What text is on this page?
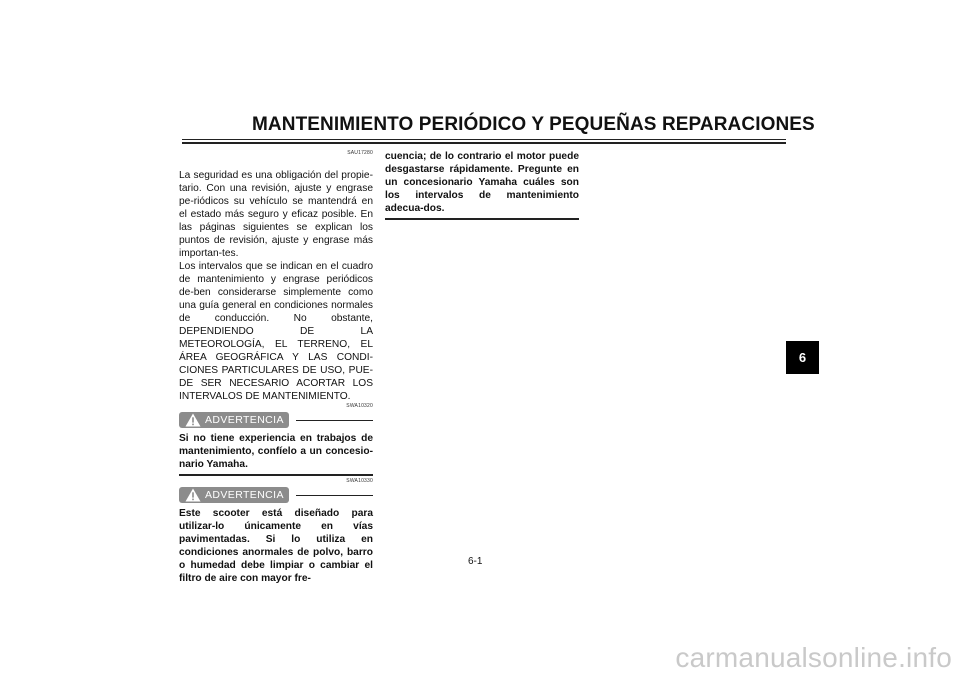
MANTENIMIENTO PERIÓDICO Y PEQUEÑAS REPARACIONES
SAU17280

La seguridad es una obligación del propie-tario. Con una revisión, ajuste y engrase pe-riódicos su vehículo se mantendrá en el estado más seguro y eficaz posible. En las páginas siguientes se explican los puntos de revisión, ajuste y engrase más importan-tes.

Los intervalos que se indican en el cuadro de mantenimiento y engrase periódicos de-ben considerarse simplemente como una guía general en condiciones normales de conducción. No obstante, DEPENDIENDO DE LA METEOROLOGÍA, EL TERRENO, EL ÁREA GEOGRÁFICA Y LAS CONDI-CIONES PARTICULARES DE USO, PUE-DE SER NECESARIO ACORTAR LOS INTERVALOS DE MANTENIMIENTO.

SWA10320
ADVERTENCIA

Si no tiene experiencia en trabajos de mantenimiento, confíelo a un concesio-nario Yamaha.

SWA10330
ADVERTENCIA

Este scooter está diseñado para utilizar-lo únicamente en vías pavimentadas. Si lo utiliza en condiciones anormales de polvo, barro o humedad debe limpiar o cambiar el filtro de aire con mayor fre-

cuencia; de lo contrario el motor puede desgastarse rápidamente. Pregunte en un concesionario Yamaha cuáles son los intervalos de mantenimiento adecua-dos.

6-1
6
carmanualsonline.info
